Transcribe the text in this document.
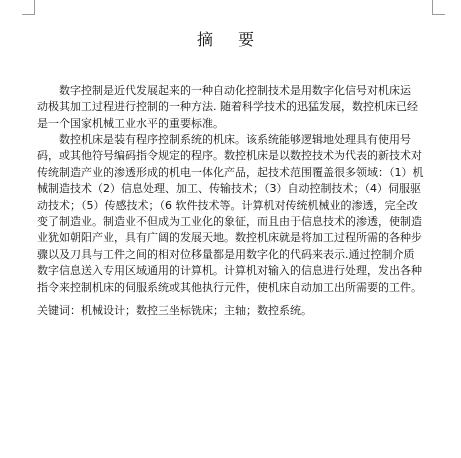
摘 要
数字控制是近代发展起来的一种自动化控制技术是用数字化信号对机床运
动极其加工过程进行控制的一种方法. 随着科学技术的迅猛发展，数控机床已经
是一个国家机械工业水平的重要标准。
数控机床是装有程序控制系统的机床。该系统能够逻辑地处理具有使用号
码，或其他符号编码指令规定的程序。数控机床是以数控技术为代表的新技术对
传统制造产业的渗透形成的机电一体化产品，起技术范围覆盖很多领域：（1）机
械制造技术（2）信息处理、加工、传输技术；（3）自动控制技术；（4）伺服驱
动技术；（5）传感技术；（6 软件技术等。计算机对传统机械业的渗透，完全改
变了制造业。制造业不但成为工业化的象征，而且由于信息技术的渗透，使制造
业犹如朝阳产业，具有广阔的发展天地。数控机床就是将加工过程所需的各种步
骤以及刀具与工件之间的相对位移量都是用数字化的代码来表示.通过控制介质
数字信息送入专用区域通用的计算机。计算机对输入的信息进行处理，发出各种
指令来控制机床的伺服系统或其他执行元件，使机床自动加工出所需要的工件。
关键词：机械设计；数控三坐标铣床；主轴；数控系统。
